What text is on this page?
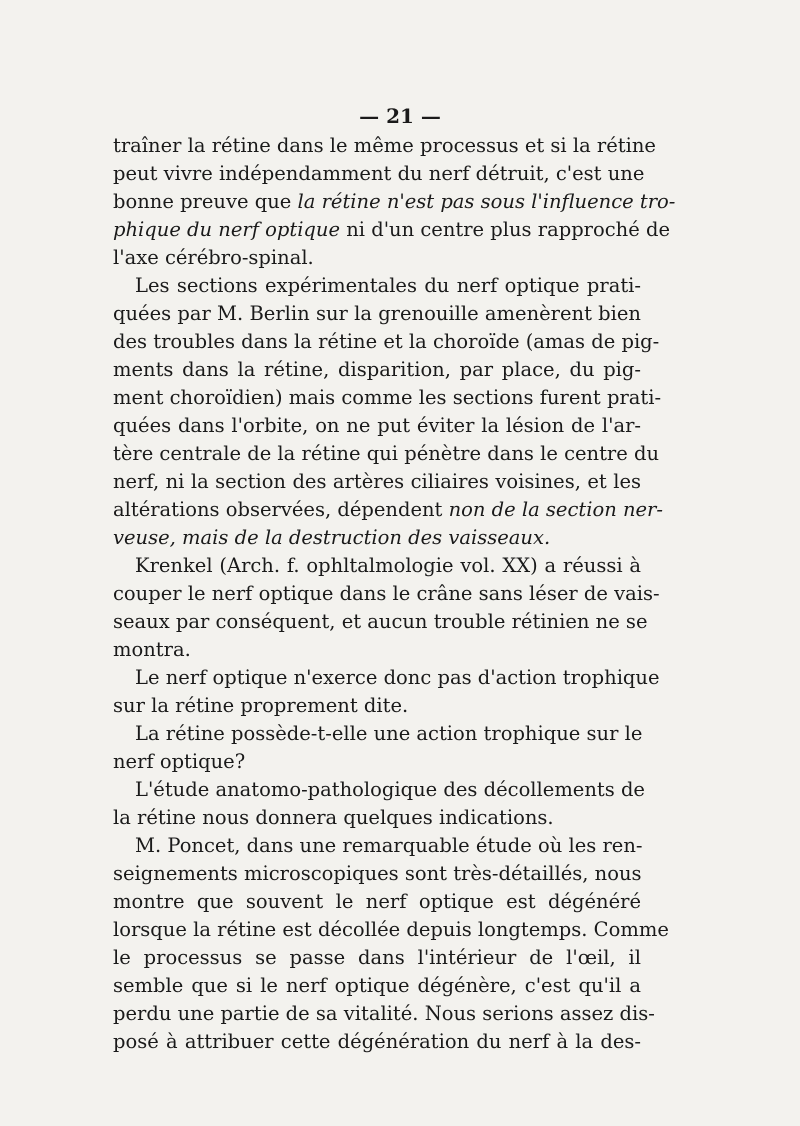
— 21 —
traîner la rétine dans le même processus et si la rétine
peut vivre indépendamment du nerf détruit, c'est une
bonne preuve que la rétine n'est pas sous l'influence tro-
phique du nerf optique ni d'un centre plus rapproché de
l'axe cérébro-spinal.
Les sections expérimentales du nerf optique prati-
quées par M. Berlin sur la grenouille amenèrent bien
des troubles dans la rétine et la choroïde (amas de pig-
ments dans la rétine, disparition, par place, du pig-
ment choroïdien) mais comme les sections furent prati-
quées dans l'orbite, on ne put éviter la lésion de l'ar-
tère centrale de la rétine qui pénètre dans le centre du
nerf, ni la section des artères ciliaires voisines, et les
altérations observées, dépendent non de la section ner-
veuse, mais de la destruction des vaisseaux.
Krenkel (Arch. f. ophltalmologie vol. XX) a réussi à
couper le nerf optique dans le crâne sans léser de vais-
seaux par conséquent, et aucun trouble rétinien ne se
montra.
Le nerf optique n'exerce donc pas d'action trophique
sur la rétine proprement dite.
La rétine possède-t-elle une action trophique sur le
nerf optique?
L'étude anatomo-pathologique des décollements de
la rétine nous donnera quelques indications.
M. Poncet, dans une remarquable étude où les ren-
seignements microscopiques sont très-détaillés, nous
montre que souvent le nerf optique est dégénéré
lorsque la rétine est décollée depuis longtemps. Comme
le processus se passe dans l'intérieur de l'œil, il
semble que si le nerf optique dégénère, c'est qu'il a
perdu une partie de sa vitalité. Nous serions assez dis-
posé à attribuer cette dégénération du nerf à la des-
